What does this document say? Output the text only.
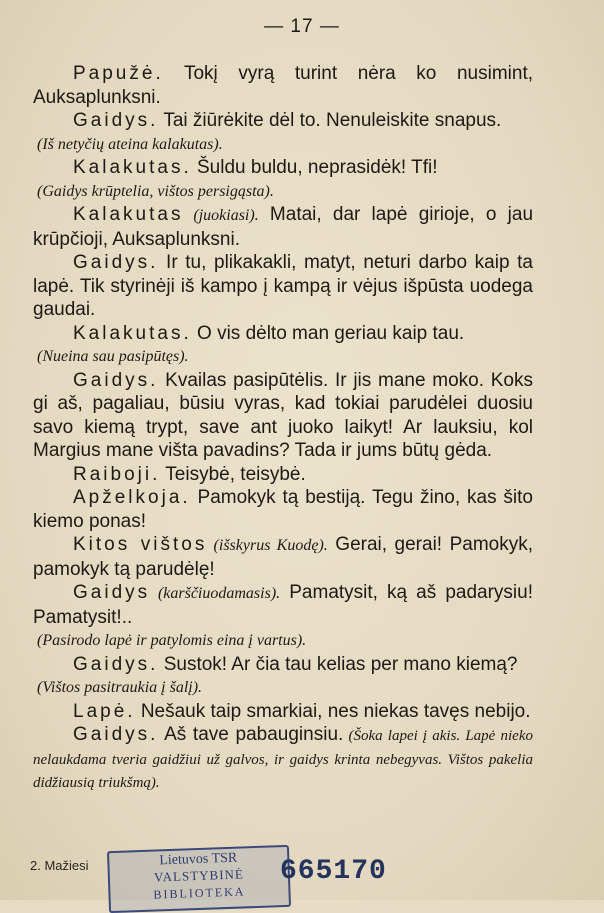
— 17 —

Papužė. Tokį vyrą turint nėra ko nusimint, Auksaplunksni.

Gaidys. Tai žiūrėkite dėl to. Nenuleiskite snapus.

(Iš netyčių ateina kalakutas).

Kalakutas. Šuldu buldu, neprasidėk! Tfi!

(Gaidys krūptelia, vištos persigąsta).

Kalakutas (juokiasi). Matai, dar lapė girioje, o jau krūpčioji, Auksaplunksni.

Gaidys. Ir tu, plikakakli, matyt, neturi darbo kaip ta lapė. Tik styrinėji iš kampo į kampą ir vėjus išpūsta uodega gaudai.

Kalakutas. O vis dėlto man geriau kaip tau.

(Nueina sau pasipūtęs).

Gaidys. Kvailas pasipūtėlis. Ir jis mane moko. Koks gi aš, pagaliau, būsiu vyras, kad tokiai parudėlei duosiu savo kiemą trypt, save ant juoko laikyt! Ar lauksiu, kol Margius mane višta pavadins? Tada ir jums būtų gėda.

Raiboji. Teisybė, teisybė.

Apželkoja. Pamokyk tą bestiją. Tegu žino, kas šito kiemo ponas!

Kitos vištos (išskyrus Kuodę). Gerai, gerai! Pamokyk, pamokyk tą parudėlę!

Gaidys (karščiuodamasis). Pamatysit, ką aš padarysiu! Pamatysit!..

(Pasirodo lapė ir patylomis eina į vartus).

Gaidys. Sustok! Ar čia tau kelias per mano kiemą?

(Vištos pasitraukia į šalį).

Lapė. Nešauk taip smarkiai, nes niekas tavęs nebijo.

Gaidys. Aš tave pabauginsiu. (Šoka lapei į akis. Lapė nieko nelaukdama tveria gaidžiui už galvos, ir gaidys krinta nebegyvas. Vištos pakelia didžiausią triukšmą).

2. Mažiesi	Lietuvos TSR
VALSTYBINĖ
BIBLIOTEKA
665170
